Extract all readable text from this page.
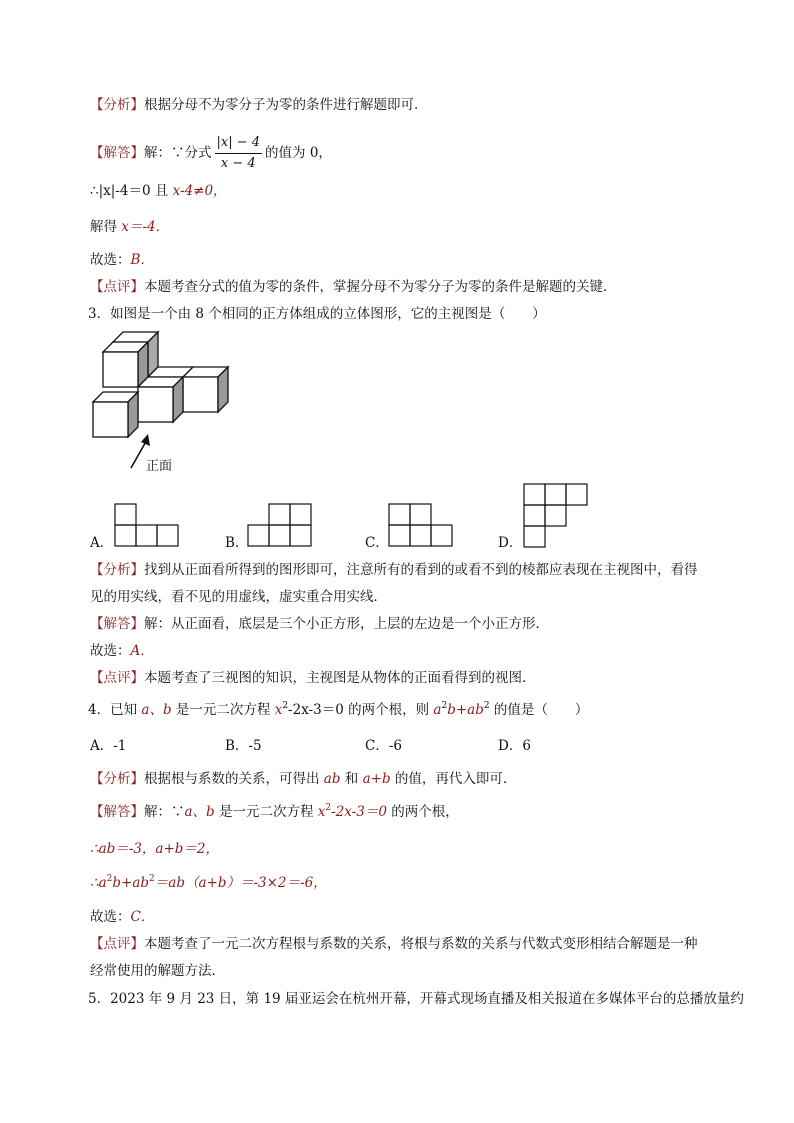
【分析】根据分母不为零分子为零的条件进行解题即可．
【解答】解：∵分式 $\frac{|x| - 4}{x - 4}$ 的值为 0，
∴|x|-4＝0 且 x-4≠0，
解得 x＝-4．
故选：B．
【点评】本题考查分式的值为零的条件，掌握分母不为零分子为零的条件是解题的关键．
3．如图是一个由 8 个相同的正方体组成的立体图形，它的主视图是（　　）
正面
A．	B．	C．	D．
【分析】找到从正面看所得到的图形即可，注意所有的看到的或看不到的棱都应表现在主视图中，看得
见的用实线，看不见的用虚线，虚实重合用实线．
【解答】解：从正面看，底层是三个小正方形，上层的左边是一个小正方形．
故选：A．
【点评】本题考查了三视图的知识，主视图是从物体的正面看得到的视图．
4．已知 a、b 是一元二次方程 $x^2-2x-3=0$ 的两个根，则 $a^2b+ab^2$ 的值是（　　）
A．-1	B．-5	C．-6	D．6
【分析】根据根与系数的关系，可得出 ab 和 a+b 的值，再代入即可．
【解答】解：∵a、b 是一元二次方程 $x^2-2x-3=0$ 的两个根，
∴ab＝-3，a+b＝2，
$\therefore a^2b+ab^2=ab(a+b)=-3\times 2=-6$，
故选：C．
【点评】本题考查了一元二次方程根与系数的关系，将根与系数的关系与代数式变形相结合解题是一种
经常使用的解题方法．
5．2023 年 9 月 23 日，第 19 届亚运会在杭州开幕，开幕式现场直播及相关报道在多媒体平台的总播放量约
